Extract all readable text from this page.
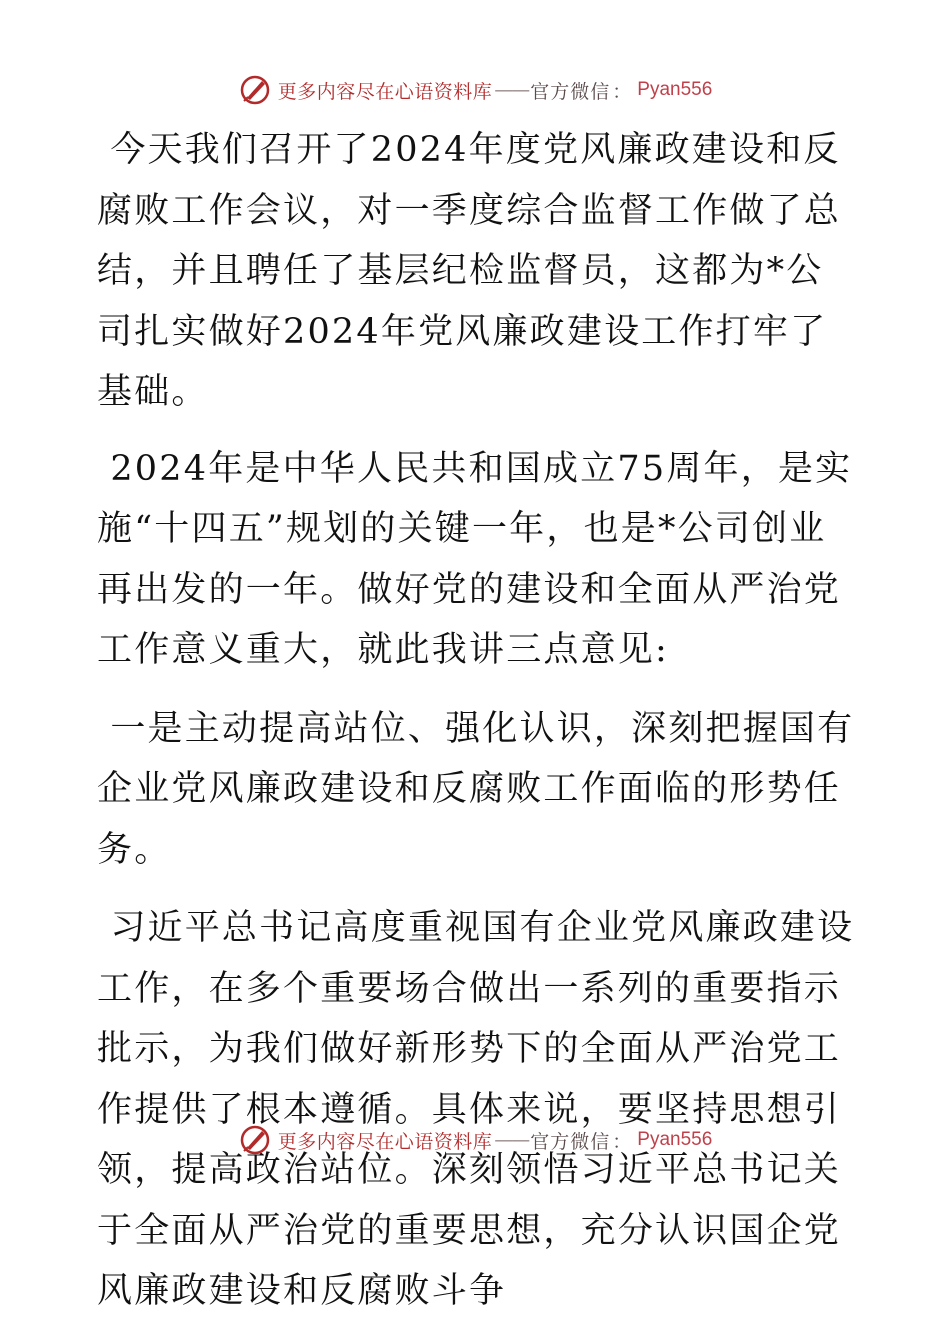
更多内容尽在心语资料库 —— 官方微信 ： Pyan556

今天我们召开了2024年度党风廉政建设和反腐败工作会议，对一季度综合监督工作做了总结，并且聘任了基层纪检监督员，这都为*公司扎实做好2024年党风廉政建设工作打牢了基础。

2024年是中华人民共和国成立75周年，是实施“十四五”规划的关键一年，也是*公司创业再出发的一年。做好党的建设和全面从严治党工作意义重大，就此我讲三点意见:

一是主动提高站位、强化认识，深刻把握国有企业党风廉政建设和反腐败工作面临的形势任务。

习近平总书记高度重视国有企业党风廉政建设工作，在多个重要场合做出一系列的重要指示批示，为我们做好新形势下的全面从严治党工作提供了根本遵循。具体来说，要坚持思想引领，提高政治站位。深刻领悟习近平总书记关于全面从严治党的重要思想，充分认识国企党风廉政建设和反腐败斗争

更多内容尽在心语资料库 —— 官方微信 ： Pyan556
